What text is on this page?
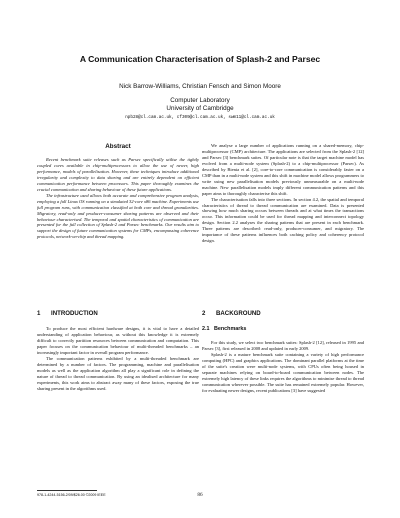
A Communication Characterisation of Splash-2 and Parsec
Nick Barrow-Williams, Christian Fensch and Simon Moore
Computer Laboratory
University of Cambridge
npb28@cl.cam.ac.uk, cf309@cl.cam.ac.uk, swm11@cl.cam.ac.uk
Abstract

Recent benchmark suite releases such as Parsec specifically utilise the tightly coupled cores available in chip-multiprocessors to allow the use of newer, high performance, models of parallelisation. However, these techniques introduce additional irregularity and complexity to data sharing and are entirely dependent on efficient communication performance between processors. This paper thoroughly examines the crucial communication and sharing behaviour of these future applications.

The infrastructure used allows both accurate and comprehensive program analysis, employing a full Linux OS running on a simulated 32-core x86 machine. Experiments use full program runs, with communication classified at both core and thread granularities. Migratory, read-only and producer-consumer sharing patterns are observed and their behaviour characterised. The temporal and spatial characteristics of communication are presented for the full collection of Splash-2 and Parsec benchmarks. Our results aim to support the design of future communication systems for CMPs, encompassing coherence protocols, network-on-chip and thread mapping.

1 INTRODUCTION

To produce the most efficient hardware designs, it is vital to have a detailed understanding of application behaviour, as without this knowledge it is extremely difficult to correctly partition resources between communication and computation. This paper focuses on the communication behaviour of multi-threaded benchmarks – an increasingly important factor in overall program performance.

The communication patterns exhibited by a multi-threaded benchmark are determined by a number of factors. The programming, machine and parallelisation models as well as the application algorithm all play a significant role in defining the nature of thread to thread communication. By using an idealised architecture for many experiments, this work aims to abstract away many of these factors, exposing the true sharing present in the algorithms used.

We analyse a large number of applications running on a shared-memory, chip-multiprocessor (CMP) architecture. The applications are selected from the Splash-2 [12] and Parsec [3] benchmark suites. Of particular note is that the target machine model has evolved from a multi-node system (Splash-2) to a chip-multiprocessor (Parsec). As described by Bienia et al. [2], core-to-core communication is considerably faster on a CMP than in a multi-node system and this shift in machine model allows programmers to write using new parallelisation models previously unmeasurable on a multi-node machine. New parallelisation models imply different communication patterns and this paper aims to thoroughly characterise this shift.

The characterisation falls into three sections. In section 4.2, the spatial and temporal characteristics of thread to thread communication are examined. Data is presented showing how much sharing occurs between threads and at what times the transactions occur. This information could be used for thread mapping and interconnect topology design. Section 2.2 analyses the sharing patterns that are present in each benchmark. Three patterns are described: read-only, producer-consumer, and migratory. The importance of these patterns influences both caching policy and coherency protocol design.

2 BACKGROUND
2.1 Benchmarks

For this study, we select two benchmark suites: Splash-2 [12], released in 1995 and Parsec [3], first released in 2008 and updated in early 2009.

Splash-2 is a mature benchmark suite containing a variety of high performance computing (HPC) and graphics applications. The dominant parallel platforms at the time of the suite's creation were multi-node systems, with CPUs often being housed in separate machines relying on board-to-board communication between nodes. The extremely high latency of these links requires the algorithms to minimise thread to thread communication wherever possible. The suite has remained extremely popular. However, for evaluating newer designs, recent publications [3] have suggested

978-1-4244-5156-2/09/$26.00 ©2009 IEEE	86
